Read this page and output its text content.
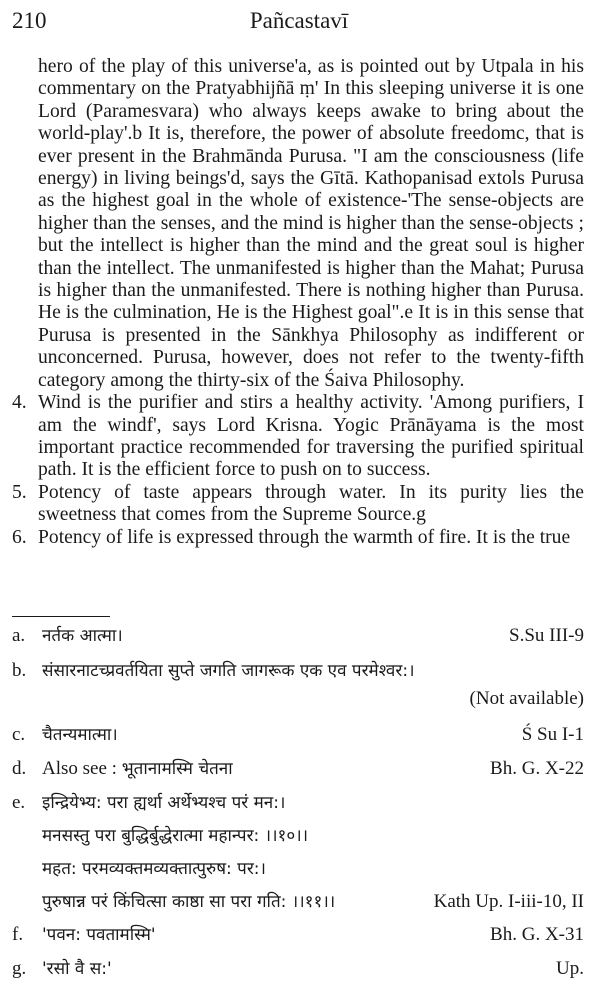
210	Pañcastavī

hero of the play of this universe'a, as is pointed out by Utpala in his commentary on the Pratyabhijñā ṃ' In this sleeping universe it is one Lord (Paramesvara) who always keeps awake to bring about the world-play'.b It is, therefore, the power of absolute freedomc, that is ever present in the Brahmānda Purusa. "I am the consciousness (life energy) in living beings'd, says the Gītā. Kathopanisad extols Purusa as the highest goal in the whole of existence-'The sense-objects are higher than the senses, and the mind is higher than the sense-objects ; but the intellect is higher than the mind and the great soul is higher than the intellect. The unmanifested is higher than the Mahat; Purusa is higher than the unmanifested. There is nothing higher than Purusa. He is the culmination, He is the Highest goal".e It is in this sense that Purusa is presented in the Sānkhya Philosophy as indifferent or unconcerned. Purusa, however, does not refer to the twenty-fifth category among the thirty-six of the Śaiva Philosophy.

4. Wind is the purifier and stirs a healthy activity. 'Among purifiers, I am the windf', says Lord Krisna. Yogic Prānāyama is the most important practice recommended for traversing the purified spiritual path. It is the efficient force to push on to success.
5. Potency of taste appears through water. In its purity lies the sweetness that comes from the Supreme Source.g
6. Potency of life is expressed through the warmth of fire. It is the true
a. नर्तक आत्मा।	S.Su III-9
b. संसारनाटच्प्रवर्तयिता सुप्ते जगति जागरूक एक एव परमेश्वर:।
(Not available)
c. चैतन्यमात्मा।	Ś Su I-1
d. Also see : भूतानामस्मि चेतना	Bh. G. X-22
e. इन्द्रियेभ्य: परा ह्यर्था अर्थेभ्यश्च परं मन:।
मनसस्तु परा बुद्धिर्बुद्धेरात्मा महान्पर: ।।१०।।
महत: परमव्यक्तमव्यक्तात्पुरुष: पर:।
पुरुषान्न परं किंचित्सा काष्ठा सा परा गति: ।।११।।	Kath Up. I-iii-10, II
f.	'पवन: पवतामस्मि'	Bh. G. X-31
g. 'रसो वै स:'	Up.
